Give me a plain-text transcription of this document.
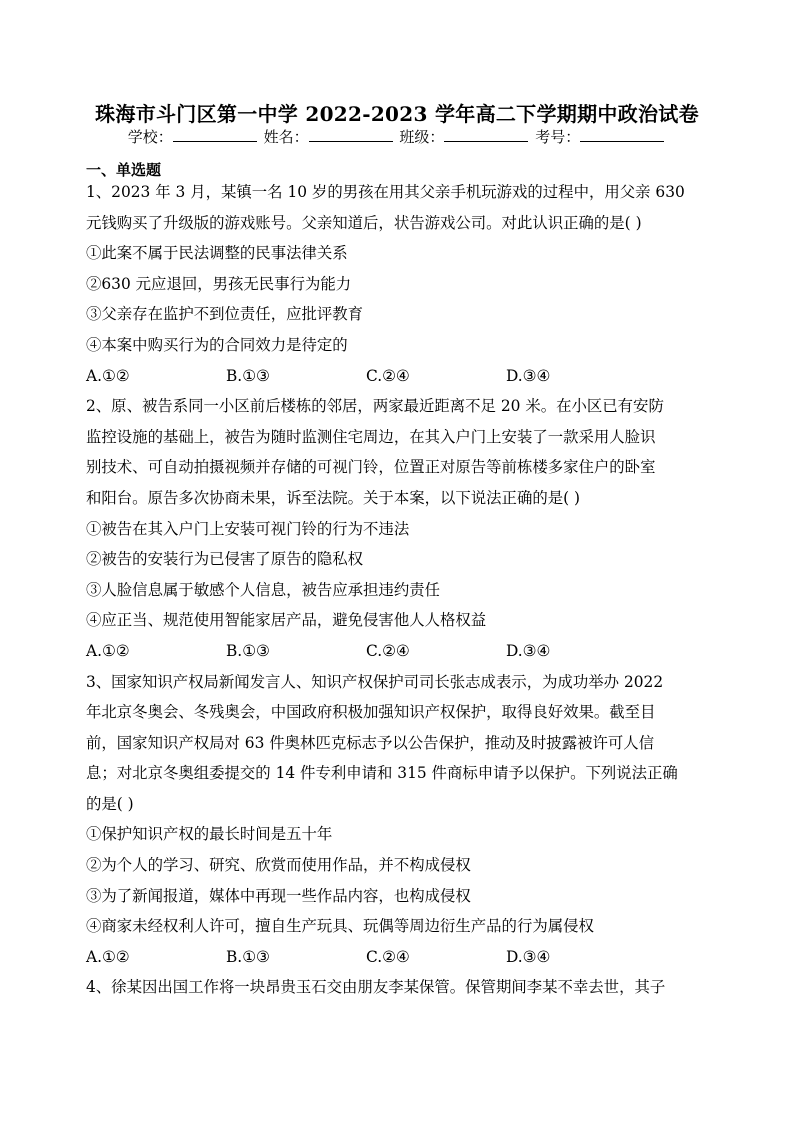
珠海市斗门区第一中学 2022-2023 学年高二下学期期中政治试卷
学校：	姓名：	班级：	考号：
一、单选题
1、2023 年 3 月，某镇一名 10 岁的男孩在用其父亲手机玩游戏的过程中，用父亲 630
元钱购买了升级版的游戏账号。父亲知道后，状告游戏公司。对此认识正确的是( )
①此案不属于民法调整的民事法律关系
②630 元应退回，男孩无民事行为能力
③父亲存在监护不到位责任，应批评教育
④本案中购买行为的合同效力是待定的
A.①②	B.①③	C.②④	D.③④
2、原、被告系同一小区前后楼栋的邻居，两家最近距离不足 20 米。在小区已有安防
监控设施的基础上，被告为随时监测住宅周边，在其入户门上安装了一款采用人脸识
别技术、可自动拍摄视频并存储的可视门铃，位置正对原告等前栋楼多家住户的卧室
和阳台。原告多次协商未果，诉至法院。关于本案，以下说法正确的是( )
①被告在其入户门上安装可视门铃的行为不违法
②被告的安装行为已侵害了原告的隐私权
③人脸信息属于敏感个人信息，被告应承担违约责任
④应正当、规范使用智能家居产品，避免侵害他人人格权益
A.①②	B.①③	C.②④	D.③④
3、国家知识产权局新闻发言人、知识产权保护司司长张志成表示，为成功举办 2022
年北京冬奥会、冬残奥会，中国政府积极加强知识产权保护，取得良好效果。截至目
前，国家知识产权局对 63 件奥林匹克标志予以公告保护，推动及时披露被许可人信
息；对北京冬奥组委提交的 14 件专利申请和 315 件商标申请予以保护。下列说法正确
的是( )
①保护知识产权的最长时间是五十年
②为个人的学习、研究、欣赏而使用作品，并不构成侵权
③为了新闻报道，媒体中再现一些作品内容，也构成侵权
④商家未经权利人许可，擅自生产玩具、玩偶等周边衍生产品的行为属侵权
A.①②	B.①③	C.②④	D.③④
4、徐某因出国工作将一块昂贵玉石交由朋友李某保管。保管期间李某不幸去世，其子
